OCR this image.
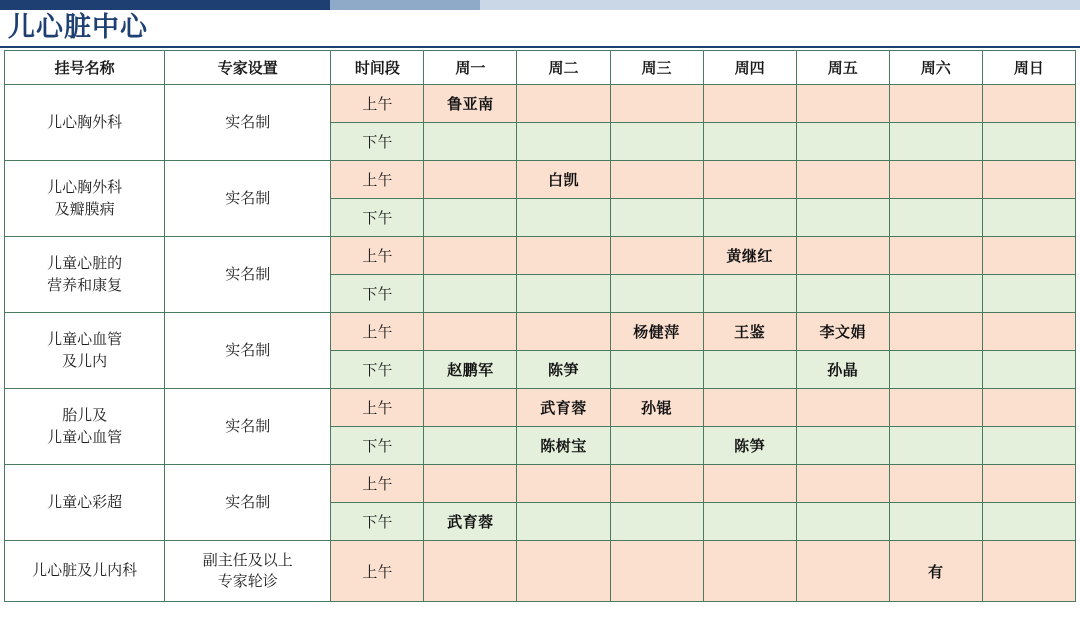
儿心脏中心
挂号名称	专家设置	时间段	周一	周二	周三	周四	周五	周六	周日
儿心胸外科	实名制	上午	鲁亚南						
		下午							
儿心胸外科
及瓣膜病	实名制	上午		白凯					
		下午							
儿童心脏的
营养和康复	实名制	上午				黄继红			
		下午							
儿童心血管
及儿内	实名制	上午			杨健萍	王鉴	李文娟		
		下午	赵鹏军	陈笋			孙晶		
胎儿及
儿童心血管	实名制	上午		武育蓉	孙锟				
		下午		陈树宝		陈笋			
儿童心彩超	实名制	上午							
		下午	武育蓉						
儿心脏及儿内科	副主任及以上
专家轮诊	上午						有	
